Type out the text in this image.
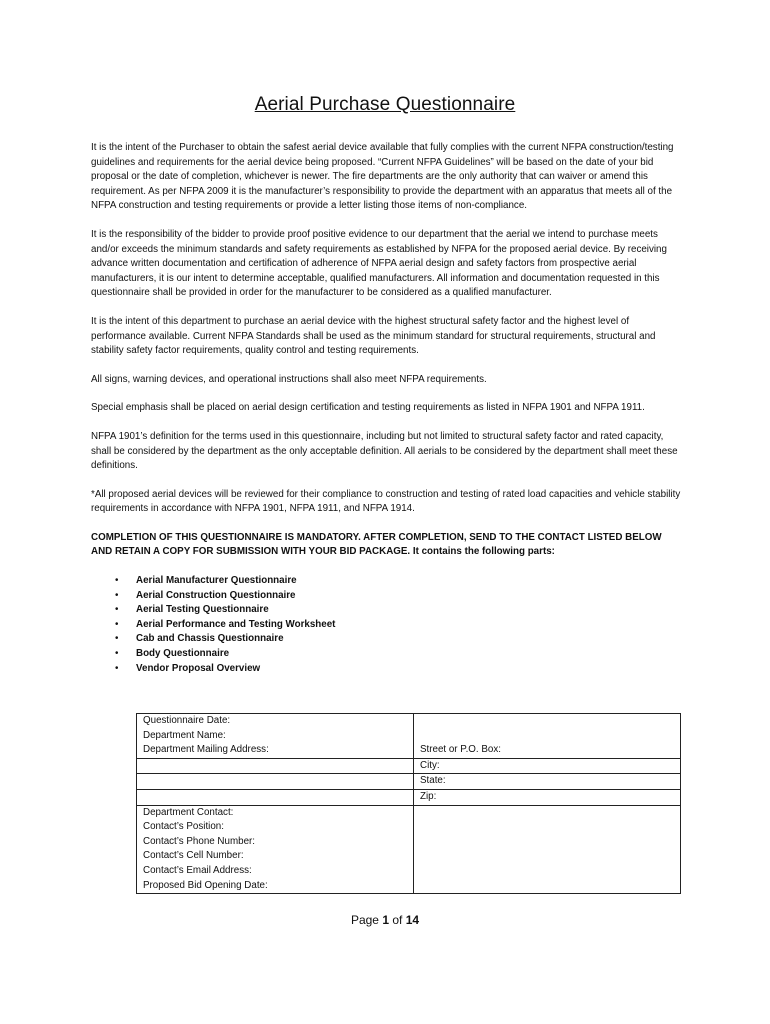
Aerial Purchase Questionnaire

It is the intent of the Purchaser to obtain the safest aerial device available that fully complies with the current NFPA construction/testing guidelines and requirements for the aerial device being proposed. “Current NFPA Guidelines” will be based on the date of your bid proposal or the date of completion, whichever is newer. The fire departments are the only authority that can waiver or amend this requirement. As per NFPA 2009 it is the manufacturer’s responsibility to provide the department with an apparatus that meets all of the NFPA construction and testing requirements or provide a letter listing those items of non-compliance.

It is the responsibility of the bidder to provide proof positive evidence to our department that the aerial we intend to purchase meets and/or exceeds the minimum standards and safety requirements as established by NFPA for the proposed aerial device. By receiving advance written documentation and certification of adherence of NFPA aerial design and safety factors from prospective aerial manufacturers, it is our intent to determine acceptable, qualified manufacturers. All information and documentation requested in this questionnaire shall be provided in order for the manufacturer to be considered as a qualified manufacturer.

It is the intent of this department to purchase an aerial device with the highest structural safety factor and the highest level of performance available. Current NFPA Standards shall be used as the minimum standard for structural requirements, structural and stability safety factor requirements, quality control and testing requirements.

All signs, warning devices, and operational instructions shall also meet NFPA requirements.

Special emphasis shall be placed on aerial design certification and testing requirements as listed in NFPA 1901 and NFPA 1911.

NFPA 1901’s definition for the terms used in this questionnaire, including but not limited to structural safety factor and rated capacity, shall be considered by the department as the only acceptable definition. All aerials to be considered by the department shall meet these definitions.

*All proposed aerial devices will be reviewed for their compliance to construction and testing of rated load capacities and vehicle stability requirements in accordance with NFPA 1901, NFPA 1911, and NFPA 1914.

COMPLETION OF THIS QUESTIONNAIRE IS MANDATORY. AFTER COMPLETION, SEND TO THE CONTACT LISTED BELOW AND RETAIN A COPY FOR SUBMISSION WITH YOUR BID PACKAGE. It contains the following parts:

• Aerial Manufacturer Questionnaire
• Aerial Construction Questionnaire
• Aerial Testing Questionnaire
• Aerial Performance and Testing Worksheet
• Cab and Chassis Questionnaire
• Body Questionnaire
• Vendor Proposal Overview
Questionnaire Date:	
Department Name:	
Department Mailing Address:	Street or P.O. Box:
	City:
	State:
	Zip:
Department Contact:	
Contact’s Position:	
Contact’s Phone Number:	
Contact’s Cell Number:	
Contact’s Email Address:	
Proposed Bid Opening Date:	
Page 1 of 14
